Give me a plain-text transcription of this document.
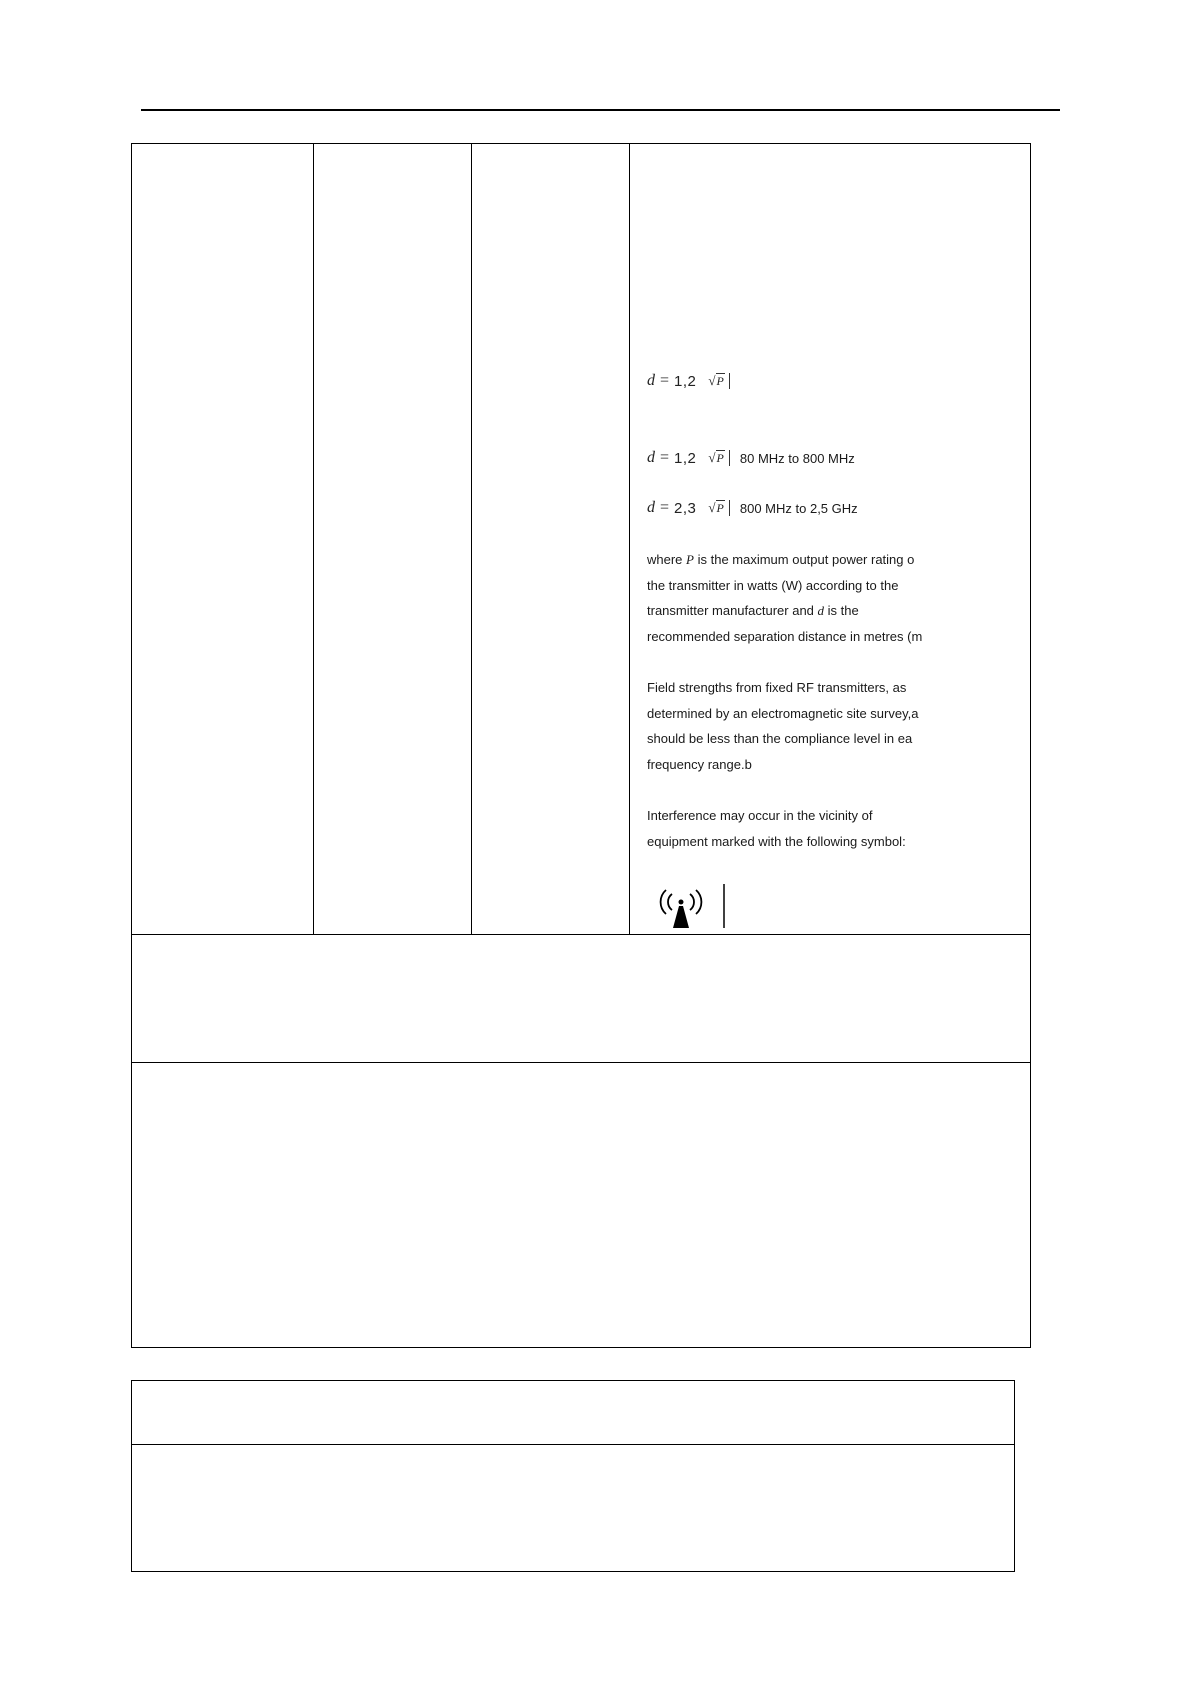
d = 1,2 √P
d = 1,2 √P 80 MHz to 800 MHz
d = 2,3 √P 800 MHz to 2,5 GHz
where P is the maximum output power rating o
the transmitter in watts (W) according to the
transmitter manufacturer and d is the
recommended separation distance in metres (m
Field strengths from fixed RF transmitters, as
determined by an electromagnetic site survey,a
should be less than the compliance level in ea
frequency range.b
Interference may occur in the vicinity of
equipment marked with the following symbol:
